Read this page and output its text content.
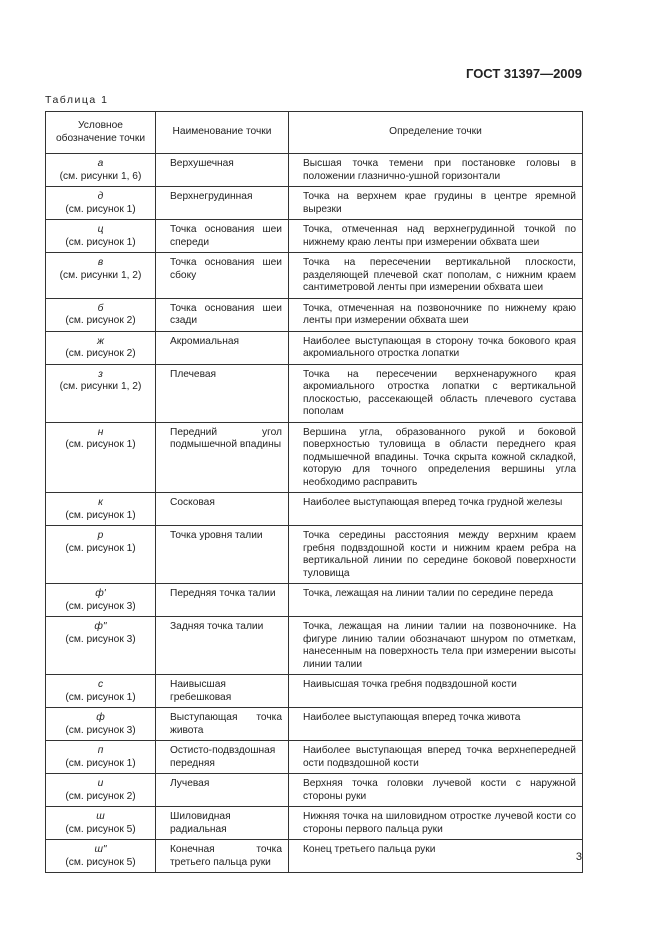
ГОСТ 31397—2009
Таблица 1
Условное обозначение точки	Наименование точки	Определение точки

а
(см. рисунки 1, 6)	Верхушечная	Высшая точка темени при постановке головы в положении глазнично-ушной горизонтали

д
(см. рисунок 1)	Верхнегрудинная	Точка на верхнем крае грудины в центре яремной вырезки

ц
(см. рисунок 1)	Точка основания шеи спереди	Точка, отмеченная над верхнегрудинной точкой по нижнему краю ленты при измерении обхвата шеи

в
(см. рисунки 1, 2)	Точка основания шеи сбоку	Точка на пересечении вертикальной плоскости, разделяющей плечевой скат пополам, с нижним краем сантиметровой ленты при измерении обхвата шеи

б
(см. рисунок 2)	Точка основания шеи сзади	Точка, отмеченная на позвоночнике по нижнему краю ленты при измерении обхвата шеи

ж
(см. рисунок 2)	Акромиальная	Наиболее выступающая в сторону точка бокового края акромиального отростка лопатки

з
(см. рисунки 1, 2)	Плечевая	Точка на пересечении верхненаружного края акромиального отростка лопатки с вертикальной плоскостью, рассекающей область плечевого сустава пополам

н
(см. рисунок 1)	Передний угол подмышечной впадины	Вершина угла, образованного рукой и боковой поверхностью туловища в области переднего края подмышечной впадины. Точка скрыта кожной складкой, которую для точного определения вершины угла необходимо расправить

к
(см. рисунок 1)	Сосковая	Наиболее выступающая вперед точка грудной железы

р
(см. рисунок 1)	Точка уровня талии	Точка середины расстояния между верхним краем гребня подвздошной кости и нижним краем ребра на вертикальной линии по середине боковой поверхности туловища

ф'
(см. рисунок 3)	Передняя точка талии	Точка, лежащая на линии талии по середине переда

ф"
(см. рисунок 3)	Задняя точка талии	Точка, лежащая на линии талии на позвоночнике. На фигуре линию талии обозначают шнуром по отметкам, нанесенным на поверхность тела при измерении высоты линии талии

с
(см. рисунок 1)	Наивысшая гребешковая	Наивысшая точка гребня подвздошной кости

ф
(см. рисунок 3)	Выступающая точка живота	Наиболее выступающая вперед точка живота

п
(см. рисунок 1)	Остисто-подвздошная передняя	Наиболее выступающая вперед точка верхнепередней ости подвздошной кости

и
(см. рисунок 2)	Лучевая	Верхняя точка головки лучевой кости с наружной стороны руки

ш
(см. рисунок 5)	Шиловидная радиальная	Нижняя точка на шиловидном отростке лучевой кости со стороны первого пальца руки

ш"
(см. рисунок 5)	Конечная точка третьего пальца руки	Конец третьего пальца руки
3
